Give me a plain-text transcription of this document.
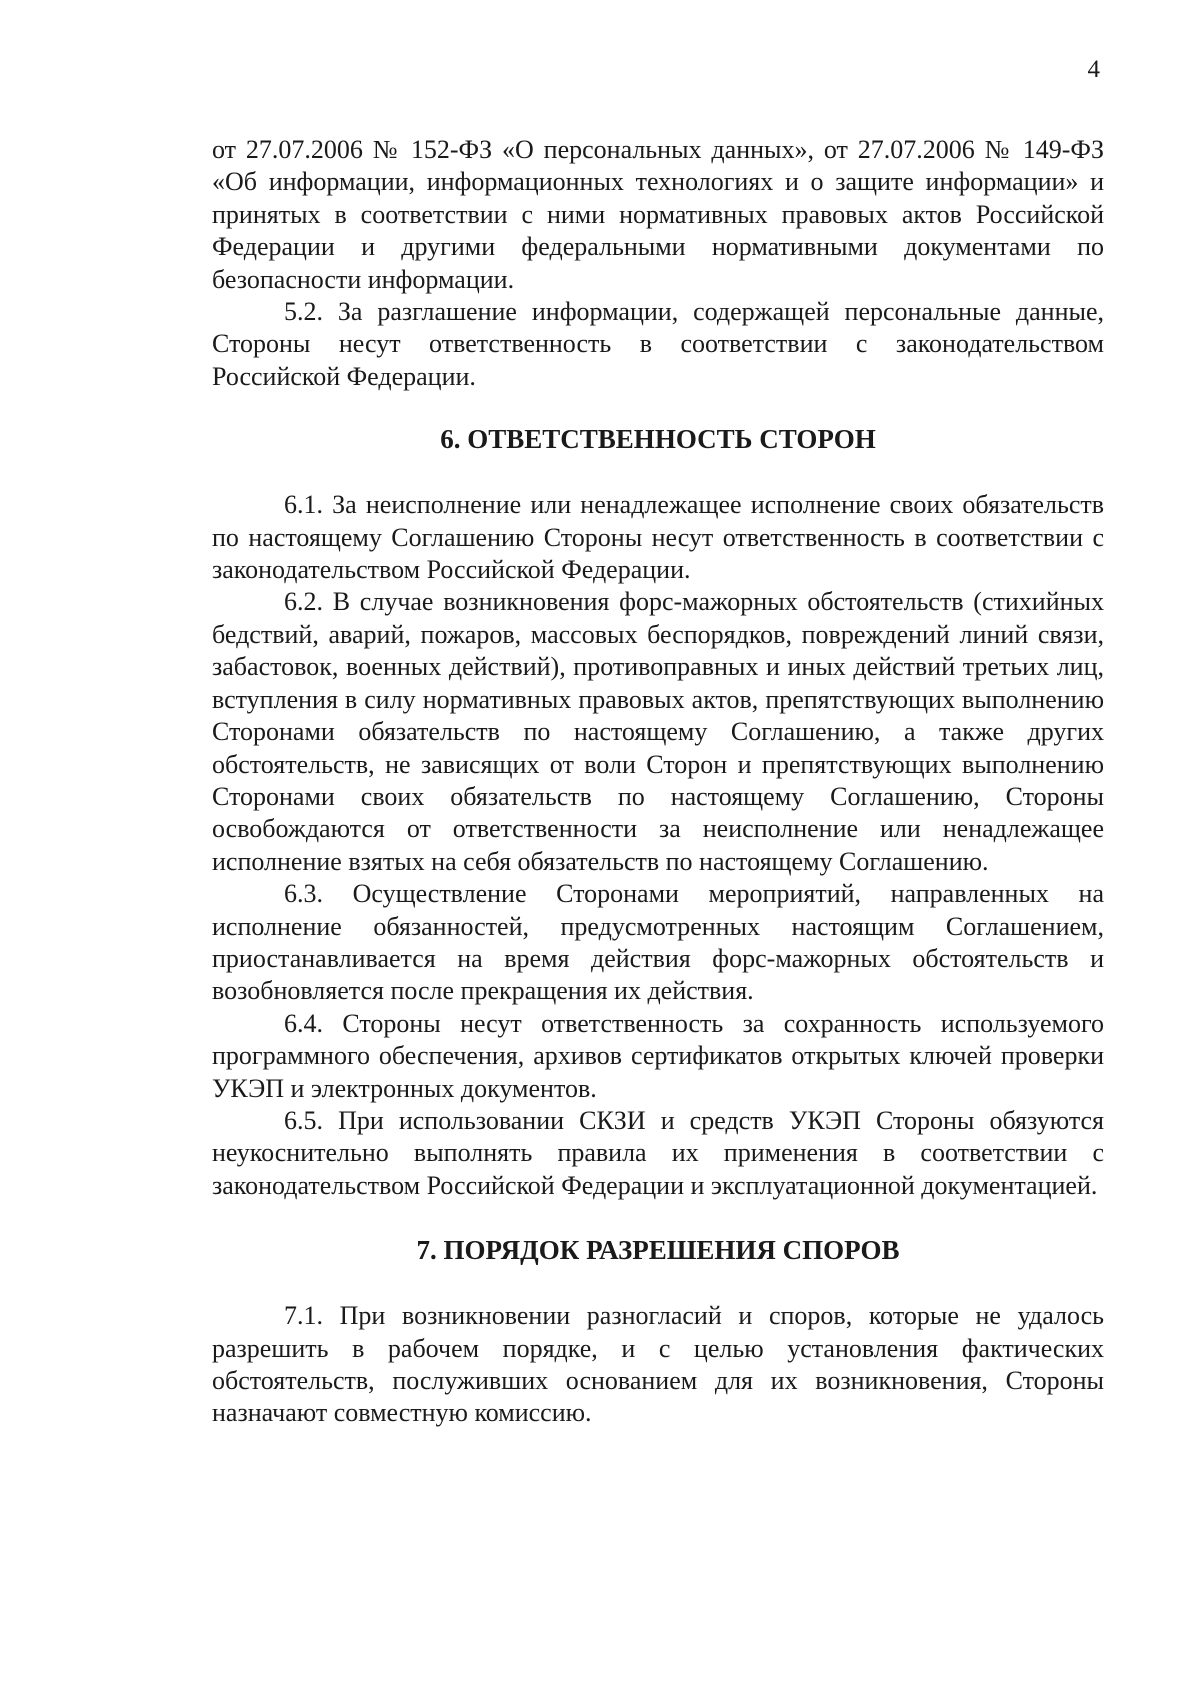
4

от 27.07.2006 № 152-ФЗ «О персональных данных», от 27.07.2006 № 149-ФЗ «Об информации, информационных технологиях и о защите информации» и принятых в соответствии с ними нормативных правовых актов Российской Федерации и другими федеральными нормативными документами по безопасности информации.

5.2. За разглашение информации, содержащей персональные данные, Стороны несут ответственность в соответствии с законодательством Российской Федерации.

6. ОТВЕТСТВЕННОСТЬ СТОРОН

6.1. За неисполнение или ненадлежащее исполнение своих обязательств по настоящему Соглашению Стороны несут ответственность в соответствии с законодательством Российской Федерации.

6.2. В случае возникновения форс-мажорных обстоятельств (стихийных бедствий, аварий, пожаров, массовых беспорядков, повреждений линий связи, забастовок, военных действий), противоправных и иных действий третьих лиц, вступления в силу нормативных правовых актов, препятствующих выполнению Сторонами обязательств по настоящему Соглашению, а также других обстоятельств, не зависящих от воли Сторон и препятствующих выполнению Сторонами своих обязательств по настоящему Соглашению, Стороны освобождаются от ответственности за неисполнение или ненадлежащее исполнение взятых на себя обязательств по настоящему Соглашению.

6.3. Осуществление Сторонами мероприятий, направленных на исполнение обязанностей, предусмотренных настоящим Соглашением, приостанавливается на время действия форс-мажорных обстоятельств и возобновляется после прекращения их действия.

6.4. Стороны несут ответственность за сохранность используемого программного обеспечения, архивов сертификатов открытых ключей проверки УКЭП и электронных документов.

6.5. При использовании СКЗИ и средств УКЭП Стороны обязуются неукоснительно выполнять правила их применения в соответствии с законодательством Российской Федерации и эксплуатационной документацией.

7. ПОРЯДОК РАЗРЕШЕНИЯ СПОРОВ

7.1. При возникновении разногласий и споров, которые не удалось разрешить в рабочем порядке, и с целью установления фактических обстоятельств, послуживших основанием для их возникновения, Стороны назначают совместную комиссию.
